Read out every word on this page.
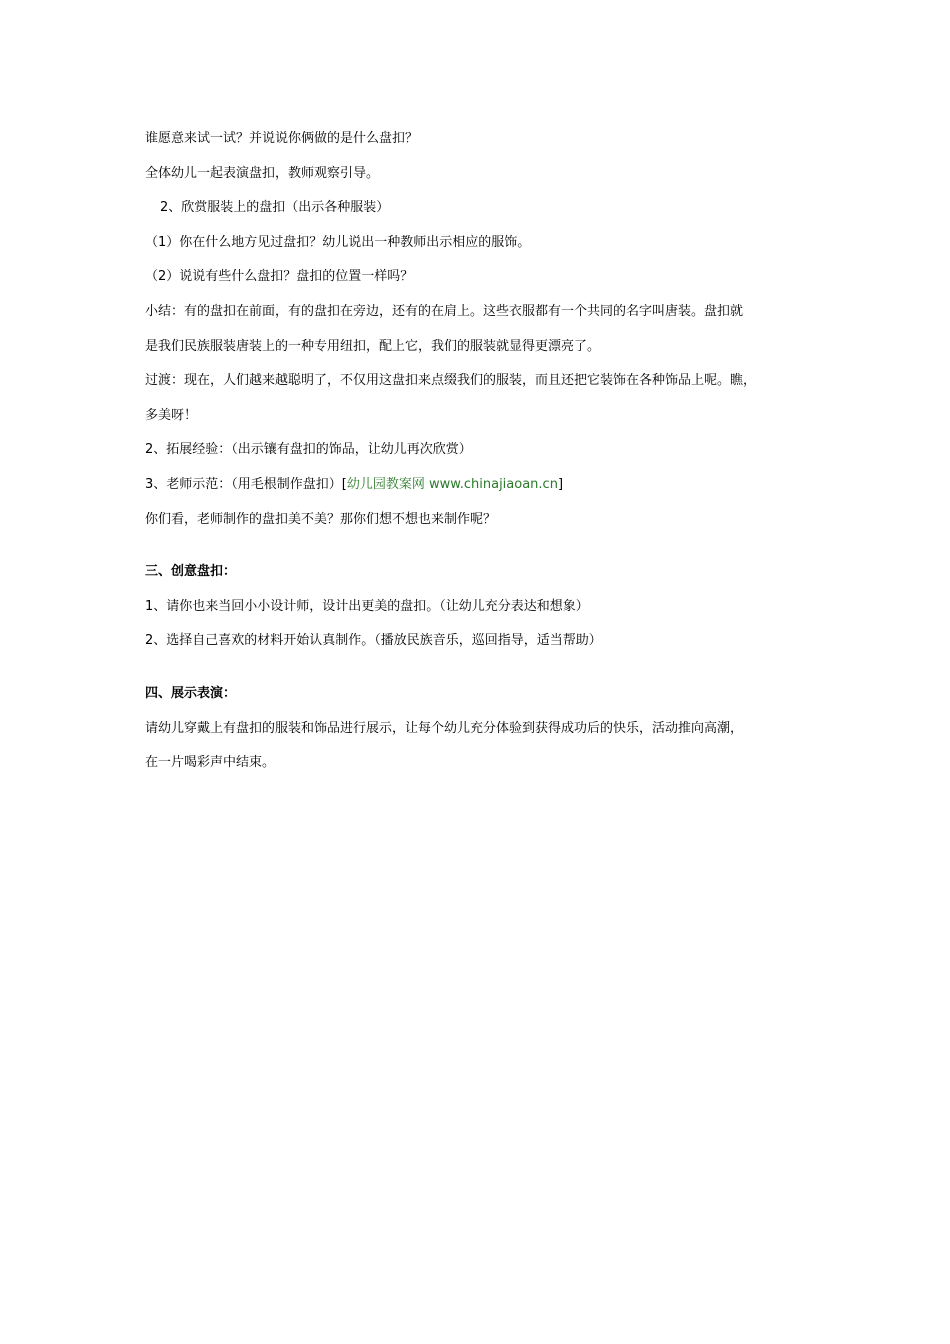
谁愿意来试一试？并说说你俩做的是什么盘扣？
全体幼儿一起表演盘扣，教师观察引导。
2、欣赏服装上的盘扣（出示各种服装）
（1）你在什么地方见过盘扣？幼儿说出一种教师出示相应的服饰。
（2）说说有些什么盘扣？盘扣的位置一样吗？
小结：有的盘扣在前面，有的盘扣在旁边，还有的在肩上。这些衣服都有一个共同的名字叫唐装。盘扣就
是我们民族服装唐装上的一种专用纽扣，配上它，我们的服装就显得更漂亮了。
过渡：现在，人们越来越聪明了，不仅用这盘扣来点缀我们的服装，而且还把它装饰在各种饰品上呢。瞧，
多美呀！
2、拓展经验：（出示镶有盘扣的饰品，让幼儿再次欣赏）
3、老师示范：（用毛根制作盘扣）[幼儿园教案网 www.chinajiaoan.cn]
你们看，老师制作的盘扣美不美？那你们想不想也来制作呢？
三、创意盘扣：
1、请你也来当回小小设计师，设计出更美的盘扣。（让幼儿充分表达和想象）
2、选择自己喜欢的材料开始认真制作。（播放民族音乐，巡回指导，适当帮助）
四、展示表演：
请幼儿穿戴上有盘扣的服装和饰品进行展示，让每个幼儿充分体验到获得成功后的快乐，活动推向高潮，
在一片喝彩声中结束。
